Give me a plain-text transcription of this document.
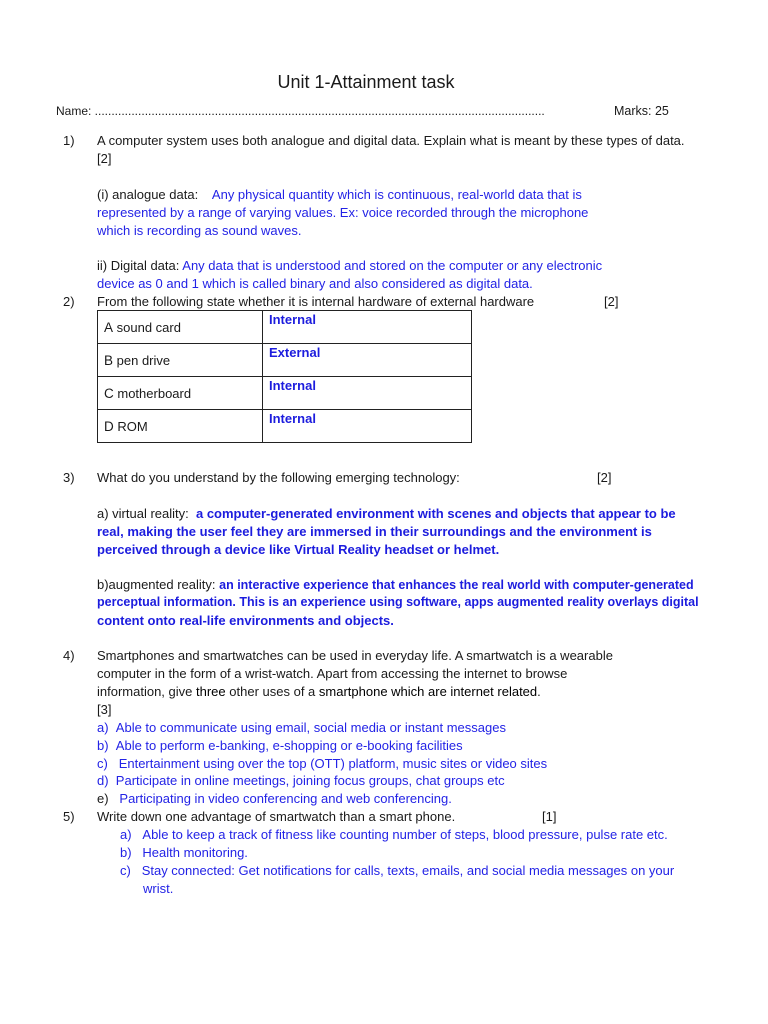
Unit 1-Attainment task
Name: .......................................................................................................................................	Marks: 25
1)	A computer system uses both analogue and digital data. Explain what is meant by these types of data.
[2]
(i) analogue data: Any physical quantity which is continuous, real-world data that is
represented by a range of varying values. Ex: voice recorded through the microphone
which is recording as sound waves.
ii) Digital data: Any data that is understood and stored on the computer or any electronic
device as 0 and 1 which is called binary and also considered as digital data.
2)	From the following state whether it is internal hardware of external hardware	[2]
A sound card	Internal
B pen drive	External
C motherboard	Internal
D ROM	Internal
3)	What do you understand by the following emerging technology:	[2]
a) virtual reality: a computer-generated environment with scenes and objects that appear to be
real, making the user feel they are immersed in their surroundings and the environment is
perceived through a device like Virtual Reality headset or helmet.
b)augmented reality: an interactive experience that enhances the real world with computer-generated
perceptual information. This is an experience using software, apps augmented reality overlays digital
content onto real-life environments and objects.
4)	Smartphones and smartwatches can be used in everyday life. A smartwatch is a wearable
computer in the form of a wrist-watch. Apart from accessing the internet to browse
information, give three other uses of a smartphone which are internet related.
[3]
a) Able to communicate using email, social media or instant messages
b) Able to perform e-banking, e-shopping or e-booking facilities
c) Entertainment using over the top (OTT) platform, music sites or video sites
d) Participate in online meetings, joining focus groups, chat groups etc
e) Participating in video conferencing and web conferencing.
5)	Write down one advantage of smartwatch than a smart phone.	[1]
a) Able to keep a track of fitness like counting number of steps, blood pressure, pulse rate etc.
b) Health monitoring.
c) Stay connected: Get notifications for calls, texts, emails, and social media messages on your
wrist.
